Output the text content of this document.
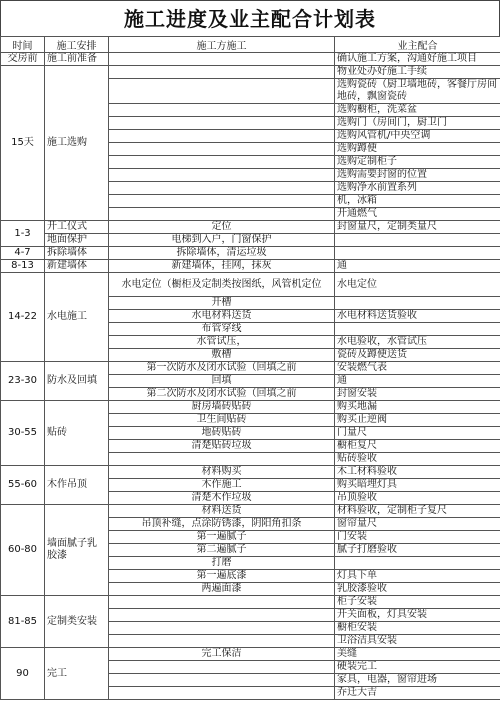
施工进度及业主配合计划表
时间	施工安排	施工方施工	业主配合
交房前	施工前准备		确认施工方案，沟通好施工项目
15天	施工选购		物业处办好施工手续
			选购瓷砖（厨卫墙地砖，客餐厅房间地砖，飘窗瓷砖
			选购橱柜，洗菜盆
			选购门（房间门，厨卫门
			选购风管机/中央空调
			选购蹲便
			选购定制柜子
			选购需要封窗的位置
			选购净水前置系列
			机，冰箱
			开通燃气
1-3	开工仪式	定位	封窗量尺，定制类量尺
	地面保护	电梯到入户，门窗保护	
4-7	拆除墙体	拆除墙体，清运垃圾	
8-13	新建墙体	新建墙体，挂网，抹灰	通
14-22	水电施工	水电定位（橱柜及定制类按图纸，风管机定位	水电定位
		开槽	
		水电材料送货	水电材料送货验收
		布管穿线	
		水管试压，	水电验收，水管试压
		敷槽	瓷砖及蹲便送货
23-30	防水及回填	第一次防水及闭水试验（回填之前	安装燃气表
		回填	通
		第二次防水及闭水试验（回填之前	封窗安装
30-55	贴砖	厨房墙砖贴砖	购买地漏
		卫生间贴砖	购买止逆阀
		地砖贴砖	门量尺
		清楚贴砖垃圾	橱柜复尺
			贴砖验收
55-60	木作吊顶	材料购买	木工材料验收
		木作施工	购买暗埋灯具
		清楚木作垃圾	吊顶验收
60-80	墙面腻子乳胶漆	材料送货	材料验收，定制柜子复尺
		吊顶补缝，点涂防锈漆，阴阳角扣条	窗帘量尺
		第一遍腻子	门安装
		第二遍腻子	腻子打磨验收
		打磨	
		第一遍底漆	灯具下单
		两遍面漆	乳胶漆验收
81-85	定制类安装		柜子安装
			开关面板，灯具安装
			橱柜安装
			卫浴洁具安装
90	完工	完工保洁	美缝
			硬装完工
			家具，电器，窗帘进场
			乔迁大吉
